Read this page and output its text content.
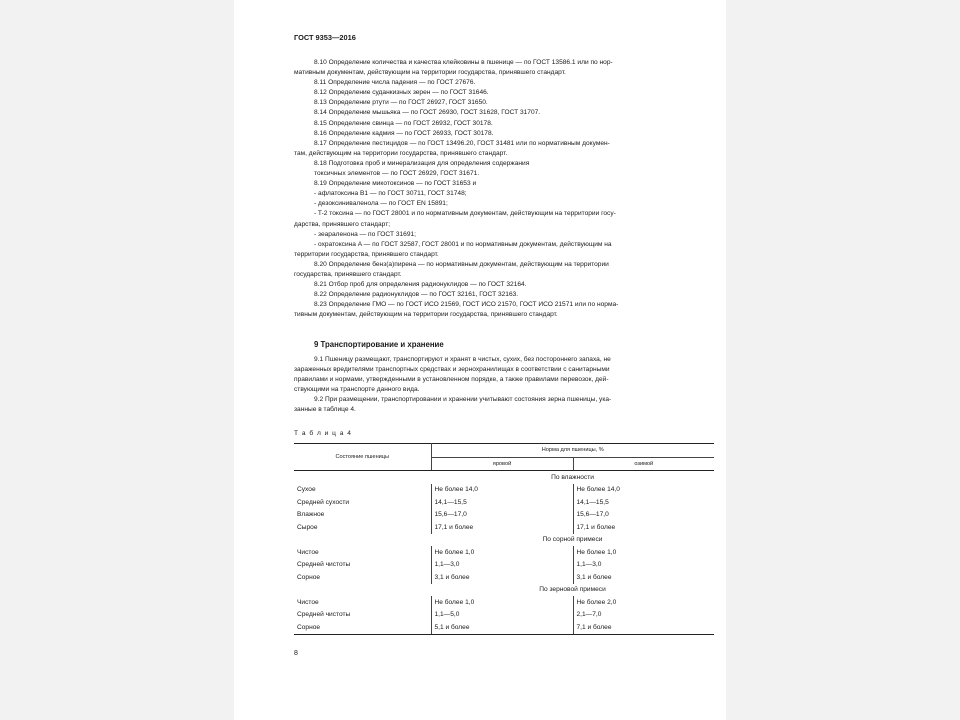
ГОСТ 9353—2016

8.10 Определение количества и качества клейковины в пшенице — по ГОСТ 13586.1 или по нор-

мативным документам, действующим на территории государства, принявшего стандарт.

8.11 Определение числа падения — по ГОСТ 27676.

8.12 Определение суданкизных зерен — по ГОСТ 31646.

8.13 Определение ртути — по ГОСТ 26927, ГОСТ 31650.

8.14 Определение мышьяка — по ГОСТ 26930, ГОСТ 31628, ГОСТ 31707.

8.15 Определение свинца — по ГОСТ 26932, ГОСТ 30178.

8.16 Определение кадмия — по ГОСТ 26933, ГОСТ 30178.

8.17 Определение пестицидов — по ГОСТ 13496.20, ГОСТ 31481 или по нормативным докумен-

там, действующим на территории государства, принявшего стандарт.

8.18 Подготовка проб и минерализация для определения содержания

токсичных элементов — по ГОСТ 26929, ГОСТ 31671.

8.19 Определение микотоксинов — по ГОСТ 31653 и

- афлатоксина B1 — по ГОСТ 30711, ГОСТ 31748;

- дезоксиниваленола — по ГОСТ EN 15891;

- T-2 токсина — по ГОСТ 28001 и по нормативным документам, действующим на территории госу-

дарства, принявшего стандарт;

- зеараленона — по ГОСТ 31691;

- охратоксина A — по ГОСТ 32587, ГОСТ 28001 и по нормативным документам, действующим на

территории государства, принявшего стандарт.

8.20 Определение бенз(а)пирена — по нормативным документам, действующим на территории

государства, принявшего стандарт.

8.21 Отбор проб для определения радионуклидов — по ГОСТ 32164.

8.22 Определение радионуклидов — по ГОСТ 32161, ГОСТ 32163.

8.23 Определение ГМО — по ГОСТ ИСО 21569, ГОСТ ИСО 21570, ГОСТ ИСО 21571 или по норма-

тивным документам, действующим на территории государства, принявшего стандарт.

9 Транспортирование и хранение

9.1 Пшеницу размещают, транспортируют и хранят в чистых, сухих, без постороннего запаха, не

зараженных вредителями транспортных средствах и зернохранилищах в соответствии с санитарными

правилами и нормами, утвержденными в установленном порядке, а также правилами перевозок, дей-

ствующими на транспорте данного вида.

9.2 При размещении, транспортировании и хранении учитывают состояния зерна пшеницы, ука-

занные в таблице 4.

Т а б л и ц а 4
Состояние пшеницы	Норма для пшеницы, %	
	яровой	озимой
	По влажности	
Сухое	Не более 14,0	Не более 14,0
Средней сухости	14,1—15,5	14,1—15,5
Влажное	15,6—17,0	15,6—17,0
Сырое	17,1 и более	17,1 и более
	По сорной примеси	
Чистое	Не более 1,0	Не более 1,0
Средней чистоты	1,1—3,0	1,1—3,0
Сорное	3,1 и более	3,1 и более
	По зерновой примеси	
Чистое	Не более 1,0	Не более 2,0
Средней чистоты	1,1—5,0	2,1—7,0
Сорное	5,1 и более	7,1 и более
8
